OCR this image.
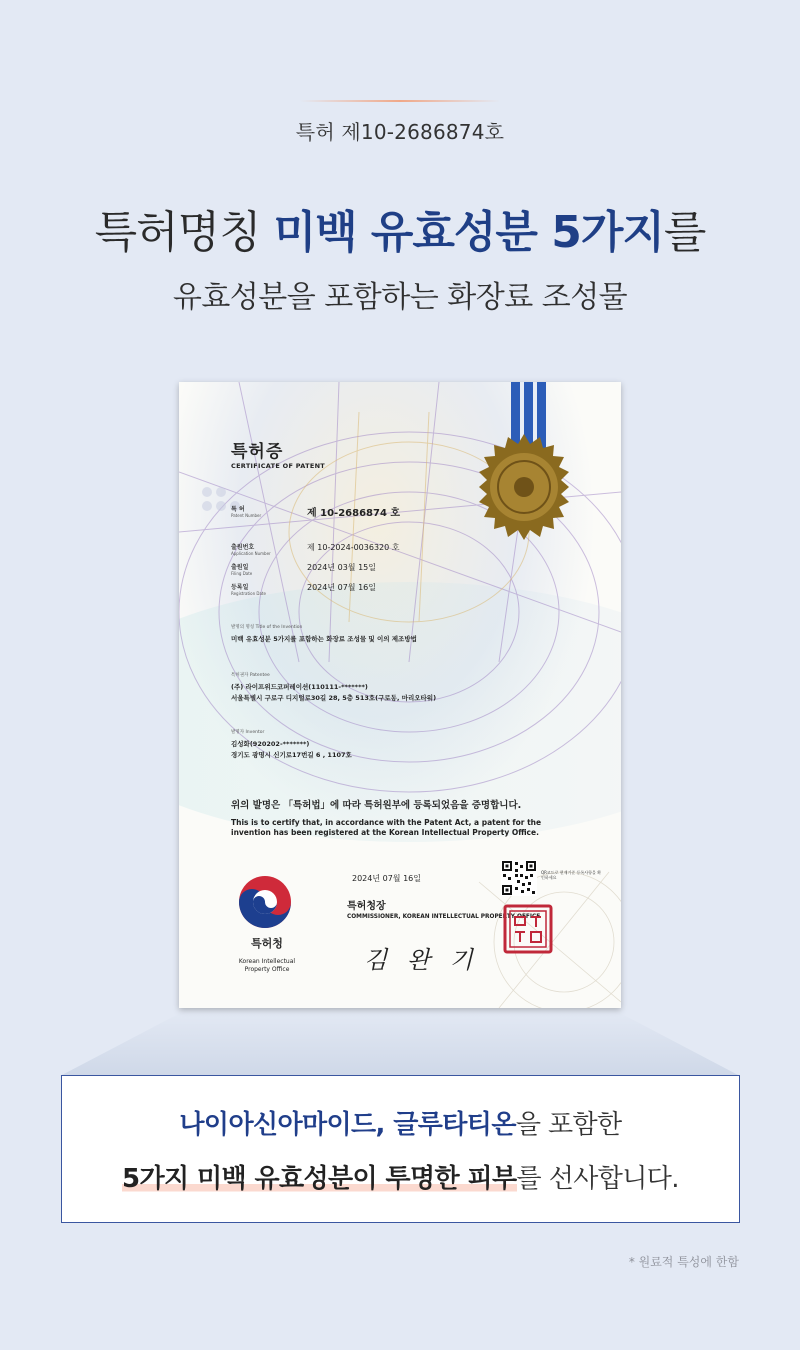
특허 제10-2686874호
특허명칭 미백 유효성분 5가지를
유효성분을 포함하는 화장료 조성물
특허증
CERTIFICATE OF PATENT
특 허
Patent Number	제 10-2686874 호
출원번호
Application Number
제 10-2024-0036320 호
출원일
Filing Date
2024년 03월 15일
등록일
Registration Date
2024년 07월 16일
발명의 명칭 Title of the Invention
미백 유효성분 5가지를 포함하는 화장료 조성물 및 이의 제조방법
특허권자 Patentee
(주) 라이프위드코퍼레이션(110111-*******)
서울특별시 구로구 디지털로30길 28, 5층 513호(구로동, 마리오타워)
발명자 Inventor
김성화(920202-*******)
경기도 광명시 신기로17번길 6 , 1107호
위의 발명은 「특허법」에 따라 특허원부에 등록되었음을 증명합니다.
This is to certify that, in accordance with the Patent Act, a patent for the invention has been registered at the Korean Intellectual Property Office.
특허청
Korean Intellectual Property Office
2024년 07월 16일
특허청장
COMMISSIONER, KOREAN INTELLECTUAL PROPERTY OFFICE
김 완 기
QR코드로 현재기준 등록사항을 확인하세요
나이아신아마이드, 글루타티온을 포함한
5가지 미백 유효성분이 투명한 피부를 선사합니다.
* 원료적 특성에 한함
